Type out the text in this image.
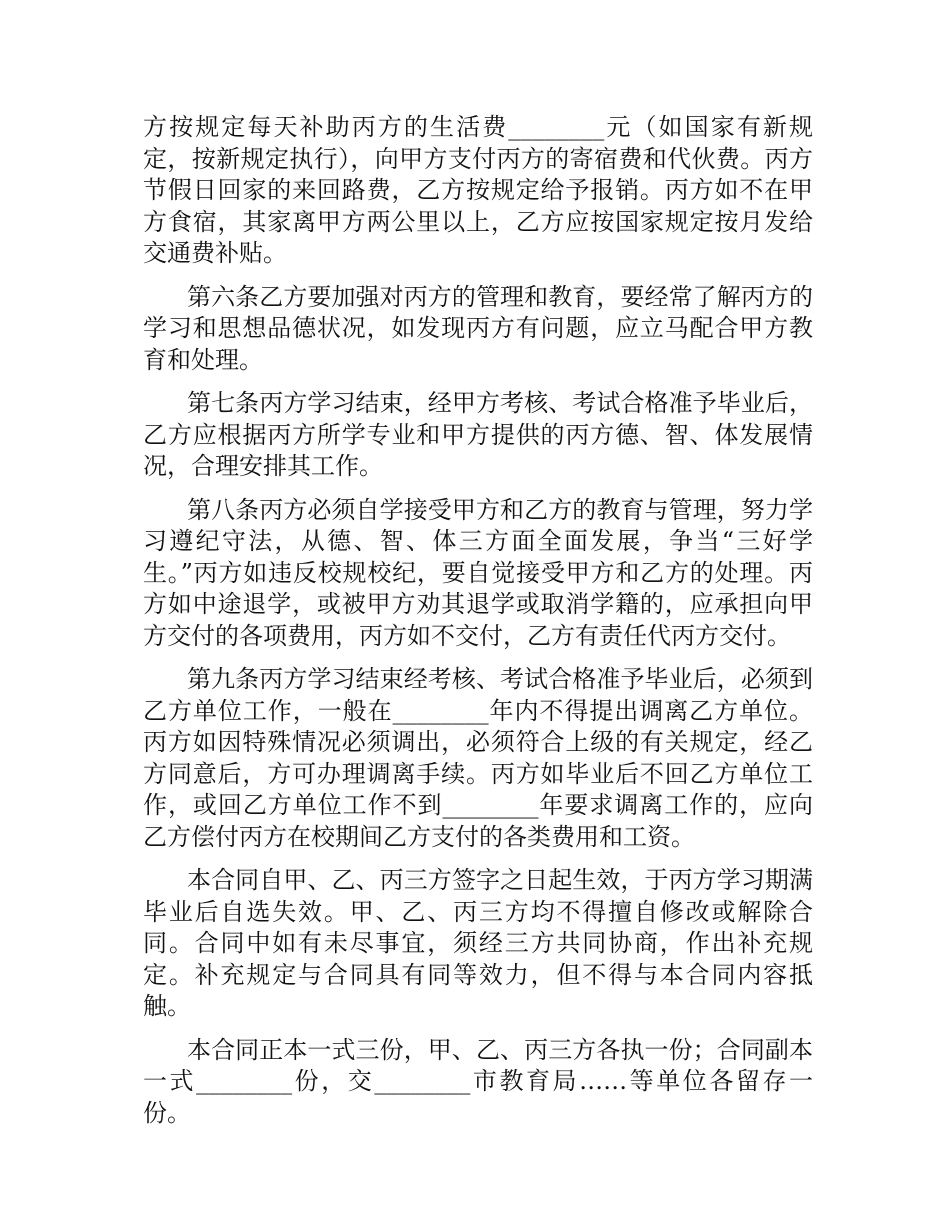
方按规定每天补助丙方的生活费________元（如国家有新规定，按新规定执行），向甲方支付丙方的寄宿费和代伙费。丙方节假日回家的来回路费，乙方按规定给予报销。丙方如不在甲方食宿，其家离甲方两公里以上，乙方应按国家规定按月发给交通费补贴。

第六条乙方要加强对丙方的管理和教育，要经常了解丙方的学习和思想品德状况，如发现丙方有问题，应立马配合甲方教育和处理。

第七条丙方学习结束，经甲方考核、考试合格准予毕业后，乙方应根据丙方所学专业和甲方提供的丙方德、智、体发展情况，合理安排其工作。

第八条丙方必须自学接受甲方和乙方的教育与管理，努力学习遵纪守法，从德、智、体三方面全面发展，争当“三好学生。”丙方如违反校规校纪，要自觉接受甲方和乙方的处理。丙方如中途退学，或被甲方劝其退学或取消学籍的，应承担向甲方交付的各项费用，丙方如不交付，乙方有责任代丙方交付。

第九条丙方学习结束经考核、考试合格准予毕业后，必须到乙方单位工作，一般在________年内不得提出调离乙方单位。丙方如因特殊情况必须调出，必须符合上级的有关规定，经乙方同意后，方可办理调离手续。丙方如毕业后不回乙方单位工作，或回乙方单位工作不到________年要求调离工作的，应向乙方偿付丙方在校期间乙方支付的各类费用和工资。

本合同自甲、乙、丙三方签字之日起生效，于丙方学习期满毕业后自选失效。甲、乙、丙三方均不得擅自修改或解除合同。合同中如有未尽事宜，须经三方共同协商，作出补充规定。补充规定与合同具有同等效力，但不得与本合同内容抵触。

本合同正本一式三份，甲、乙、丙三方各执一份；合同副本一式________份，交________市教育局……等单位各留存一份。
